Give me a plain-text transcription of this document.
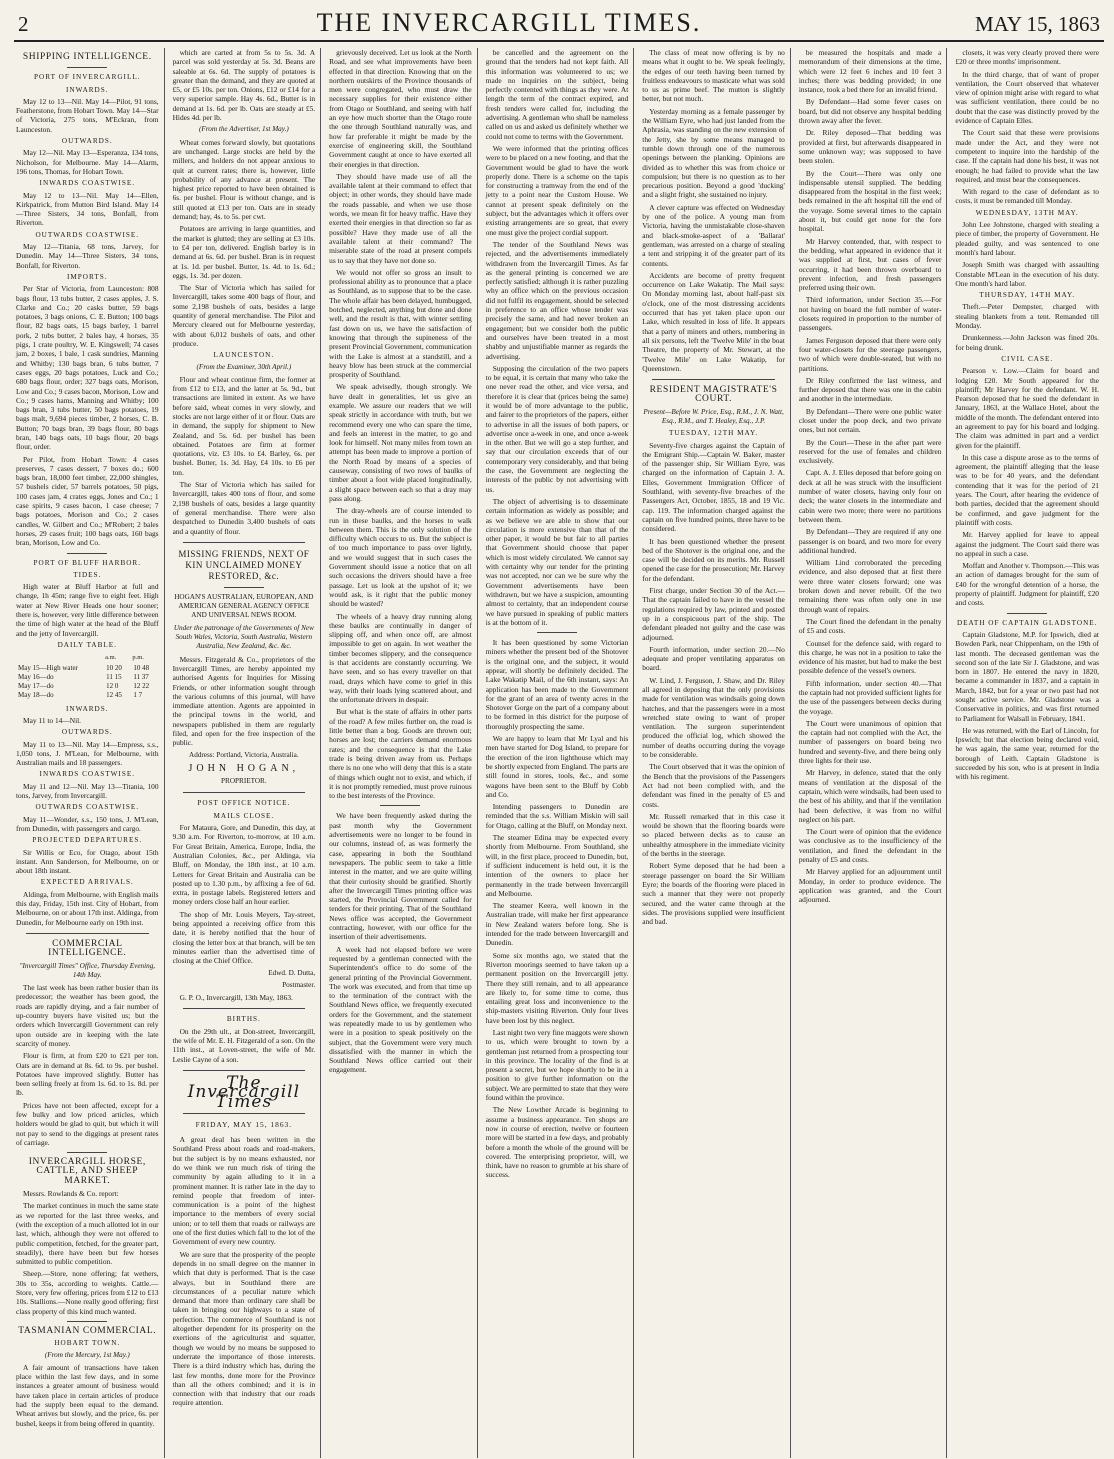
2	THE INVERCARGILL TIMES.	MAY 15, 1863
SHIPPING INTELLIGENCE.
PORT OF INVERCARGILL.
INWARDS.

May 12 to 13—Nil. May 14—Pilot, 91 tons, Featherstone, from Hobart Town. May 14—Star of Victoria, 275 tons, M'Eckran, from Launceston.

OUTWARDS.

May 12—Nil. May 13—Esperanza, 134 tons, Nicholson, for Melbourne. May 14—Alarm, 196 tons, Thomas, for Hobart Town.

INWARDS COASTWISE.

May 12 to 13—Nil. May 14—Ellen, Kirkpatrick, from Mutton Bird Island. May 14—Three Sisters, 34 tons, Bonfall, from Riverton.

OUTWARDS COASTWISE.

May 12—Titania, 68 tons, Jarvey, for Dunedin. May 14—Three Sisters, 34 tons, Bonfall, for Riverton.

IMPORTS.

Per Star of Victoria, from Launceston: 808 bags flour, 13 tubs butter, 2 cases apples, J. S. Clarke and Co.; 20 casks butter, 59 bags potatoes, 3 bags onions, C. E. Button; 100 bags flour, 82 bags oats, 15 bags barley, 1 barrel pork, 2 tubs butter, 2 bales hay, 4 horses, 35 pigs, 1 crate poultry, W. E. Kingswell; 74 cases jam, 2 boxes, 1 bale, 1 cask sundries, Manning and Whitby; 130 bags bran, 6 tubs butter, 7 cases eggs, 20 bags potatoes, Luck and Co.; 680 bags flour, order; 327 bags oats, Morison, Low and Co.; 9 cases bacon, Morison, Low and Co.; 9 cases hams, Manning and Whitby; 100 bags bran, 3 tubs butter, 50 bags potatoes, 19 bags malt, 9,694 pieces timber, 2 horses, C. B. Button; 70 bags bran, 39 bags flour, 80 bags bran, 140 bags oats, 10 bags flour, 20 bags flour, order.

Per Pilot, from Hobart Town: 4 cases preserves, 7 cases dessert, 7 boxes do.; 600 bags bran, 18,000 feet timber, 22,000 shingles, 57 bushels cider, 57 barrels potatoes, 50 pigs, 100 cases jam, 4 crates eggs, Jones and Co.; 1 case spirits, 9 cases bacon, 1 case cheese; 7 bags potatoes, Morison and Co.; 2 cases candles, W. Gilbert and Co.; M'Robert; 2 bales horses, 29 cases fruit; 100 bags oats, 160 bags bran, Morison, Low and Co.

PORT OF BLUFF HARBOR.
TIDES.

High water at Bluff Harbor at full and change, 1h 45m; range five to eight feet. High water at New River Heads one hour sooner; there is, however, very little difference between the time of high water at the head of the Bluff and the jetty of Invercargill.

DAILY TABLE.
	a.m.	p.m.
May 15—High water	10 20	10 48
May 16—do	11 15	11 37
May 17—do	12 0	12 22
May 18—do	12 45	1 7
INWARDS.

May 11 to 14—Nil.

OUTWARDS.

May 11 to 13—Nil. May 14—Empress, s.s., 1,050 tons, J. M'Lean, for Melbourne, with Australian mails and 18 passengers.

INWARDS COASTWISE.

May 11 and 12—Nil. May 13—Titania, 100 tons, Jarvey, from Invercargill.

OUTWARDS COASTWISE.

May 11—Wonder, s.s., 150 tons, J. M'Lean, from Dunedin, with passengers and cargo.

PROJECTED DEPARTURES.

Sir Willis or Eco, for Otago, about 15th instant. Ann Sanderson, for Melbourne, on or about 18th instant.

EXPECTED ARRIVALS.

Aldinga, from Melbourne, with English mails this day, Friday, 15th inst. City of Hobart, from Melbourne, on or about 17th inst. Aldinga, from Dunedin, for Melbourne early on 19th inst.

COMMERCIAL INTELLIGENCE.
"Invercargill Times" Office, Thursday Evening, 14th May.

The last week has been rather busier than its predecessor; the weather has been good, the roads are rapidly drying, and a fair number of up-country buyers have visited us; but the orders which Invercargill Government can rely upon outside are in keeping with the late scarcity of money.

Flour is firm, at from £20 to £21 per ton. Oats are in demand at 8s. 6d. to 9s. per bushel. Potatoes have improved slightly. Butter has been selling freely at from 1s. 6d. to 1s. 8d. per lb.

Prices have not been affected, except for a few bulky and low priced articles, which holders would be glad to quit, but which it will not pay to send to the diggings at present rates of carriage.

INVERCARGILL HORSE, CATTLE, AND SHEEP MARKET.

Messrs. Rowlands & Co. report:

The market continues in much the same state as we reported for the last three weeks, and (with the exception of a much allotted lot in our last, which, although they were not offered to public competition, fetched, for the greater part, steadily), there have been but few horses submitted to public competition.

Sheep.—Store, none offering; fat wethers, 30s to 35s, according to weights. Cattle.—Store, very few offering, prices from £12 to £13 10s. Stallions.—None really good offering; first class property of this kind much wanted.

TASMANIAN COMMERCIAL.
HOBART TOWN.
(From the Mercury, 1st May.)

A fair amount of transactions have taken place within the last few days, and in some instances a greater amount of business would have taken place in certain articles of produce had the supply been equal to the demand. Wheat arrives but slowly, and the price, 6s. per bushel, keeps it from being offered in quantity.

which are carted at from 5s to 5s. 3d. A parcel was sold yesterday at 5s. 3d. Beans are saleable at 6s. 6d. The supply of potatoes is greater than the demand, and they are quoted at £5, or £5 10s. per ton. Onions, £12 or £14 for a very superior sample. Hay 4s. 6d., Butter is in demand at 1s. 6d. per lb. Oats are steady at £5. Hides 4d. per lb.

(From the Advertiser, 1st May.)

Wheat comes forward slowly, but quotations are unchanged. Large stocks are held by the millers, and holders do not appear anxious to quit at current rates; there is, however, little probability of any advance at present. The highest price reported to have been obtained is 6s. per bushel. Flour is without change, and is still quoted at £13 per ton. Oats are in steady demand; hay, 4s. to 5s. per cwt.

Potatoes are arriving in large quantities, and the market is glutted; they are selling at £3 10s. to £4 per ton, delivered. English barley is in demand at 6s. 6d. per bushel. Bran is in request at 1s. 1d. per bushel. Butter, 1s. 4d. to 1s. 6d.; eggs, 1s. 3d. per dozen.

The Star of Victoria which has sailed for Invercargill, takes some 400 bags of flour, and some 2,198 bushels of oats, besides a large quantity of general merchandise. The Pilot and Mercury cleared out for Melbourne yesterday, with about 6,012 bushels of oats, and other produce.

LAUNCESTON.
(From the Examiner, 30th April.)

Flour and wheat continue firm, the former at from £12 to £13, and the latter at 5s. 9d., but transactions are limited in extent. As we have before said, wheat comes in very slowly, and stocks are not large either of it or flour. Oats are in demand, the supply for shipment to New Zealand, and 5s. 6d. per bushel has been obtained. Potatoes are firm at former quotations, viz. £3 10s. to £4. Barley, 6s. per bushel. Butter, 1s. 3d. Hay, £4 10s. to £6 per ton.

The Star of Victoria which has sailed for Invercargill, takes 400 tons of flour, and some 2,198 bushels of oats, besides a large quantity of general merchandise. There were also despatched to Dunedin 3,400 bushels of oats and a quantity of flour.

MISSING FRIENDS, NEXT OF KIN UNCLAIMED MONEY RESTORED, &c.
HOGAN'S AUSTRALIAN, EUROPEAN, AND AMERICAN GENERAL AGENCY OFFICE AND UNIVERSAL NEWS ROOM.
Under the patronage of the Governments of New South Wales, Victoria, South Australia, Western Australia, New Zealand, &c. &c.

Messrs. Fitzgerald & Co., proprietors of the Invercargill Times, are hereby appointed my authorised Agents for Inquiries for Missing Friends, or other information sought through the various columns of this journal, will have immediate attention. Agents are appointed in the principal towns in the world, and newspapers published in them are regularly filed, and open for the free inspection of the public.

Address: Portland, Victoria, Australia.
JOHN HOGAN,
PROPRIETOR.
POST OFFICE NOTICE.
MAILS CLOSE.

For Mataura, Gore, and Dunedin, this day, at 9.30 a.m. For Riverton, to-morrow, at 10 a.m. For Great Britain, America, Europe, India, the Australian Colonies, &c., per Aldinga, via Bluff, on Monday, the 18th inst., at 10 a.m. Letters for Great Britain and Australia can be posted up to 1.30 p.m., by affixing a fee of 6d. extra, in postage labels. Registered letters and money orders close half an hour earlier.

The shop of Mr. Louis Meyers, Tay-street, being appointed a receiving office from this date, it is hereby notified that the hour of closing the letter box at that branch, will be ten minutes earlier than the advertised time of closing at the Chief Office.

Edwd. D. Dutta,
Postmaster.

G. P. O., Invercargill, 13th May, 1863.

BIRTHS.

On the 29th ult., at Don-street, Invercargill, the wife of Mr. E. H. Fitzgerald of a son. On the 11th inst., at Loven-street, the wife of Mr. Leslie Cayne of a son.

The Invercargill Times
FRIDAY, MAY 15, 1863.

A great deal has been written in the Southland Press about roads and road-makers, but the subject is by no means exhausted, nor do we think we run much risk of tiring the community by again alluding to it in a prominent manner. It is rather late in the day to remind people that freedom of inter-communication is a point of the highest importance to the members of every social union; or to tell them that roads or railways are one of the first duties which fall to the lot of the Government of every new country.

We are sure that the prosperity of the people depends in no small degree on the manner in which that duty is performed. That is the case always, but in Southland there are circumstances of a peculiar nature which demand that more than ordinary care shall be taken in bringing our highways to a state of perfection. The commerce of Southland is not altogether dependent for its prosperity on the exertions of the agriculturist and squatter, though we would by no means be supposed to underrate the importance of those interests. There is a third industry which has, during the last few months, done more for the Province than all the others combined; and it is in connection with that industry that our roads require attention.

grievously deceived. Let us look at the North Road, and see what improvements have been effected in that direction. Knowing that on the northern outskirts of the Province thousands of men were congregated, who must draw the necessary supplies for their existence either from Otago or Southland, and seeing with half an eye how much shorter than the Otago route the one through Southland naturally was, and how far preferable it might be made by the exercise of engineering skill, the Southland Government caught at once to have exerted all their energies in that direction.

They should have made use of all the available talent at their command to effect that object; in other words, they should have made the roads passable, and when we use those words, we mean fit for heavy traffic. Have they exerted their energies in that direction so far as possible? Have they made use of all the available talent at their command? The miserable state of the road at present compels us to say that they have not done so.

We would not offer so gross an insult to professional ability as to pronounce that a place as Southland, as to suppose that to be the case. The whole affair has been delayed, humbugged, botched, neglected, anything but done and done well, and the result is that, with winter settling fast down on us, we have the satisfaction of knowing that through the supineness of the present Provincial Government, communication with the Lake is almost at a standstill, and a heavy blow has been struck at the commercial prosperity of Southland.

We speak advisedly, though strongly. We have dealt in generalities, let us give an example. We assure our readers that we will speak strictly in accordance with truth, but we recommend every one who can spare the time, and feels an interest in the matter, to go and look for himself. Not many miles from town an attempt has been made to improve a portion of the North Road by means of a species of causeway, consisting of two rows of baulks of timber about a foot wide placed longitudinally, a slight space between each so that a dray may pass along.

The dray-wheels are of course intended to run in these baulks, and the horses to walk between them. This is the only solution of the difficulty which occurs to us. But the subject is of too much importance to pass over lightly, and we would suggest that in such cases the Government should issue a notice that on all such occasions the drivers should have a free passage. Let us look at the upshot of it; we would ask, is it right that the public money should be wasted?

The wheels of a heavy dray running along these baulks are continually in danger of slipping off, and when once off, are almost impossible to get on again. In wet weather the timber becomes slippery, and the consequence is that accidents are constantly occurring. We have seen, and so has every traveller on that road, drays which have come to grief in this way, with their loads lying scattered about, and the unfortunate drivers in despair.

But what is the state of affairs in other parts of the road? A few miles further on, the road is little better than a bog. Goods are thrown out; horses are lost; the carriers demand enormous rates; and the consequence is that the Lake trade is being driven away from us. Perhaps there is no one who will deny that this is a state of things which ought not to exist, and which, if it is not promptly remedied, must prove ruinous to the best interests of the Province.

We have been frequently asked during the past month why the Government advertisements were no longer to be found in our columns, instead of, as was formerly the case, appearing in both the Southland newspapers. The public seem to take a little interest in the matter, and we are quite willing that their curiosity should be gratified. Shortly after the Invercargill Times printing office was started, the Provincial Government called for tenders for their printing. That of the Southland News office was accepted, the Government contracting, however, with our office for the insertion of their advertisements.

A week had not elapsed before we were requested by a gentleman connected with the Superintendent's office to do some of the general printing of the Provincial Government. The work was executed, and from that time up to the termination of the contract with the Southland News office, we frequently executed orders for the Government, and the statement was repeatedly made to us by gentlemen who were in a position to speak positively on the subject, that the Government were very much dissatisfied with the manner in which the Southland News office carried out their engagement.

be cancelled and the agreement on the ground that the tenders had not kept faith. All this information was volunteered to us; we made no inquiries on the subject, being perfectly contented with things as they were. At length the term of the contract expired, and fresh tenders were called for, including the advertising. A gentleman who shall be nameless called on us and asked us definitely whether we could not come to terms with the Government.

We were informed that the printing offices were to be placed on a new footing, and that the Government would be glad to have the work properly done. There is a scheme on the tapis for constructing a tramway from the end of the jetty to a point near the Custom House. We cannot at present speak definitely on the subject, but the advantages which it offers over existing arrangements are so great, that every one must give the project cordial support.

The tender of the Southland News was rejected, and the advertisements immediately withdrawn from the Invercargill Times. As far as the general printing is concerned we are perfectly satisfied; although it is rather puzzling why an office which on the previous occasion did not fulfil its engagement, should be selected in preference to an office whose tender was precisely the same, and had never broken an engagement; but we consider both the public and ourselves have been treated in a most shabby and unjustifiable manner as regards the advertising.

Supposing the circulation of the two papers to be equal, it is certain that many who take the one never read the other, and vice versa, and therefore it is clear that (prices being the same) it would be of more advantage to the public, and fairer to the proprietors of the papers, either to advertise in all the issues of both papers, or advertise once a-week in one, and once a-week in the other. But we will go a step further, and say that our circulation exceeds that of our contemporary very considerably, and that being the case, the Government are neglecting the interests of the public by not advertising with us.

The object of advertising is to disseminate certain information as widely as possible; and as we believe we are able to show that our circulation is more extensive than that of the other paper, it would be but fair to all parties that Government should choose that paper which is most widely circulated. We cannot say with certainty why our tender for the printing was not accepted, nor can we be sure why the Government advertisements have been withdrawn, but we have a suspicion, amounting almost to certainty, that an independent course we have pursued in speaking of public matters is at the bottom of it.

It has been questioned by some Victorian miners whether the present bed of the Shotover is the original one, and the subject, it would appear, will shortly be definitely decided. The Lake Wakatip Mail, of the 6th instant, says: An application has been made to the Government for the grant of an area of twenty acres in the Shotover Gorge on the part of a company about to be formed in this district for the purpose of thoroughly prospecting the same.

We are happy to learn that Mr Lyal and his men have started for Dog Island, to prepare for the erection of the iron lighthouse which may be shortly expected from England. The parts are still found in stores, tools, &c., and some wagons have been sent to the Bluff by Cobb and Co.

Intending passengers to Dunedin are reminded that the s.s. William Miskin will sail for Otago, calling at the Bluff, on Monday next.

The steamer Edina may be expected every shortly from Melbourne. From Southland, she will, in the first place, proceed to Dunedin, but, if sufficient inducement is held out, it is the intention of the owners to place her permanently in the trade between Invercargill and Melbourne.

The steamer Keera, well known in the Australian trade, will make her first appearance in New Zealand waters before long. She is intended for the trade between Invercargill and Dunedin.

Some six months ago, we stated that the Riverton moorings seemed to have taken up a permanent position on the Invercargill jetty. There they still remain, and to all appearance are likely to, for some time to come, thus entailing great loss and inconvenience to the ship-masters visiting Riverton. Only four lives have been lost by this neglect.

Last night two very fine maggots were shown to us, which were brought to town by a gentleman just returned from a prospecting tour in this province. The locality of the find is at present a secret, but we hope shortly to be in a position to give further information on the subject. We are permitted to state that they were found within the province.

The New Lowther Arcade is beginning to assume a business appearance. Ten shops are now in course of erection, twelve or fourteen more will be started in a few days, and probably before a month the whole of the ground will be covered. The enterprising proprietor, will, we think, have no reason to grumble at his share of success.

The class of meat now offering is by no means what it ought to be. We speak feelingly, the edges of our teeth having been turned by fruitless endeavours to masticate what was sold to us as prime beef. The mutton is slightly better, but not much.

Yesterday morning as a female passenger by the William Eyre, who had just landed from the Aphrasia, was standing on the new extension of the Jetty, she by some means managed to tumble down through one of the numerous openings between the planking. Opinions are divided as to whether this was from choice or compulsion; but there is no question as to her precarious position. Beyond a good 'ducking' and a slight fright, she sustained no injury.

A clever capture was effected on Wednesday by one of the police. A young man from Victoria, having the unmistakable close-shaven and black-smoke-aspect of a 'Ballarat' gentleman, was arrested on a charge of stealing a tent and stripping it of the greater part of its contents.

Accidents are become of pretty frequent occurrence on Lake Wakatip. The Mail says: On Monday morning last, about half-past six o'clock, one of the most distressing accidents occurred that has yet taken place upon our Lake, which resulted in loss of life. It appears that a party of miners and others, numbering in all six persons, left the 'Twelve Mile' in the boat Theatre, the property of Mr. Stewart, at the 'Twelve Mile' on Lake Wakatip, for Queenstown.

RESIDENT MAGISTRATE'S COURT.
Present—Before W. Price, Esq., R.M., J. N. Watt, Esq., R.M., and T. Healey, Esq., J.P.
TUESDAY, 12TH MAY.

Seventy-five charges against the Captain of the Emigrant Ship.—Captain W. Baker, master of the passenger ship, Sir William Eyre, was charged on the information of Captain J. A. Elles, Government Immigration Officer of Southland, with seventy-five breaches of the Passengers Act, October, 1855, 18 and 19 Vic. cap. 119. The information charged against the captain on five hundred points, three have to be considered.

It has been questioned whether the present bed of the Shotover is the original one, and the case will be decided on its merits. Mr. Russell opened the case for the prosecution; Mr. Harvey for the defendant.

First charge, under Section 30 of the Act.—That the captain failed to have in the vessel the regulations required by law, printed and posted up in a conspicuous part of the ship. The defendant pleaded not guilty and the case was adjourned.

Fourth information, under section 20.—No adequate and proper ventilating apparatus on board.

W. Lind, J. Ferguson, J. Shaw, and Dr. Riley all agreed in deposing that the only provisions made for ventilation was windsails going down hatches, and that the passengers were in a most wretched state owing to want of proper ventilation. The surgeon superintendent produced the official log, which showed the number of deaths occurring during the voyage to be considerable.

The Court observed that it was the opinion of the Bench that the provisions of the Passengers Act had not been complied with, and the defendant was fined in the penalty of £5 and costs.

Mr. Russell remarked that in this case it would be shown that the flooring boards were so placed between decks as to cause an unhealthy atmosphere in the immediate vicinity of the berths in the steerage.

Robert Syme deposed that he had been a steerage passenger on board the Sir William Eyre; the boards of the flooring were placed in such a manner that they were not properly secured, and the water came through at the sides. The provisions supplied were insufficient and bad.

be measured the hospitals and made a memorandum of their dimensions at the time, which were 12 feet 6 inches and 10 feet 3 inches; there was bedding provided; in one instance, took a bed there for an invalid friend.

By Defendant—Had some fever cases on board, but did not observe any hospital bedding thrown away after the fever.

Dr. Riley deposed—That bedding was provided at first, but afterwards disappeared in some unknown way; was supposed to have been stolen.

By the Court—There was only one indispensable utensil supplied. The bedding disappeared from the hospital in the first week; beds remained in the aft hospital till the end of the voyage. Some several times to the captain about it, but could get none for the fore hospital.

Mr Harvey contended, that, with respect to the bedding, what appeared in evidence that it was supplied at first, but cases of fever occurring, it had been thrown overboard to prevent infection, and fresh passengers preferred using their own.

Third information, under Section 35.—For not having on board the full number of water-closets required in proportion to the number of passengers.

James Ferguson deposed that there were only four water-closets for the steerage passengers, two of which were double-seated, but with no partitions.

Dr Riley confirmed the last witness, and further deposed that there was one in the cabin and another in the intermediate.

By Defendant—There were one public water closet under the poop deck, and two private ones, but not certain.

By the Court—These in the after part were reserved for the use of females and children exclusively.

Capt. A. J. Elles deposed that before going on deck at all he was struck with the insufficient number of water closets, having only four on deck; the water closets in the intermediate and cabin were two more; there were no partitions between them.

By Defendant—They are required if any one passenger is on board, and two more for every additional hundred.

William Lind corroborated the preceding evidence, and also deposed that at first there were three water closets forward; one was broken down and never rebuilt. Of the two remaining there was often only one in use through want of repairs.

The Court fined the defendant in the penalty of £5 and costs.

Counsel for the defence said, with regard to this charge, he was not in a position to take the evidence of his master, but had to make the best possible defence of the vessel's owners.

Fifth information, under section 40.—That the captain had not provided sufficient lights for the use of the passengers between decks during the voyage.

The Court were unanimous of opinion that the captain had not complied with the Act, the number of passengers on board being two hundred and seventy-five, and there being only three lights for their use.

Mr Harvey, in defence, stated that the only means of ventilation at the disposal of the captain, which were windsails, had been used to the best of his ability, and that if the ventilation had been defective, it was from no wilful neglect on his part.

The Court were of opinion that the evidence was conclusive as to the insufficiency of the ventilation, and fined the defendant in the penalty of £5 and costs.

Mr Harvey applied for an adjournment until Monday, in order to produce evidence. The application was granted, and the Court adjourned.

closets, it was very clearly proved there were £20 or three months' imprisonment.

In the third charge, that of want of proper ventilation, the Court observed that whatever view of opinion might arise with regard to what was sufficient ventilation, there could be no doubt that the case was distinctly proved by the evidence of Captain Elles.

The Court said that these were provisions made under the Act, and they were not competent to inquire into the hardship of the case. If the captain had done his best, it was not enough; he had failed to provide what the law required, and must bear the consequences.

With regard to the case of defendant as to costs, it must be remanded till Monday.

WEDNESDAY, 13TH MAY.

John Lee Johnstone, charged with stealing a piece of timber, the property of Government. He pleaded guilty, and was sentenced to one month's hard labour.

Joseph Smith was charged with assaulting Constable M'Lean in the execution of his duty. One month's hard labor.

THURSDAY, 14TH MAY.

Theft.—Peter Dempster, charged with stealing blankets from a tent. Remanded till Monday.

Drunkenness.—John Jackson was fined 20s. for being drunk.

CIVIL CASE.

Pearson v. Low.—Claim for board and lodging £20. Mr South appeared for the plaintiff; Mr Harvey for the defendant. W. H. Pearson deposed that he sued the defendant in January, 1863, at the Wallace Hotel, about the middle of the month. The defendant entered into an agreement to pay for his board and lodging. The claim was admitted in part and a verdict given for the plaintiff.

In this case a dispute arose as to the terms of agreement, the plaintiff alleging that the lease was to be for 40 years, and the defendant contending that it was for the period of 21 years. The Court, after hearing the evidence of both parties, decided that the agreement should be confirmed, and gave judgment for the plaintiff with costs.

Mr. Harvey applied for leave to appeal against the judgment. The Court said there was no appeal in such a case.

Moffatt and Another v. Thompson.—This was an action of damages brought for the sum of £40 for the wrongful detention of a horse, the property of plaintiff. Judgment for plaintiff, £20 and costs.

DEATH OF CAPTAIN GLADSTONE.

Captain Gladstone, M.P. for Ipswich, died at Bowden Park, near Chippenham, on the 19th of last month. The deceased gentleman was the second son of the late Sir J. Gladstone, and was born in 1807. He entered the navy in 1820, became a commander in 1837, and a captain in March, 1842, but for a year or two past had not sought active service. Mr. Gladstone was a Conservative in politics, and was first returned to Parliament for Walsall in February, 1841.

He was returned, with the Earl of Lincoln, for Ipswich; but that election being declared void, he was again, the same year, returned for the borough of Leith. Captain Gladstone is succeeded by his son, who is at present in India with his regiment.
